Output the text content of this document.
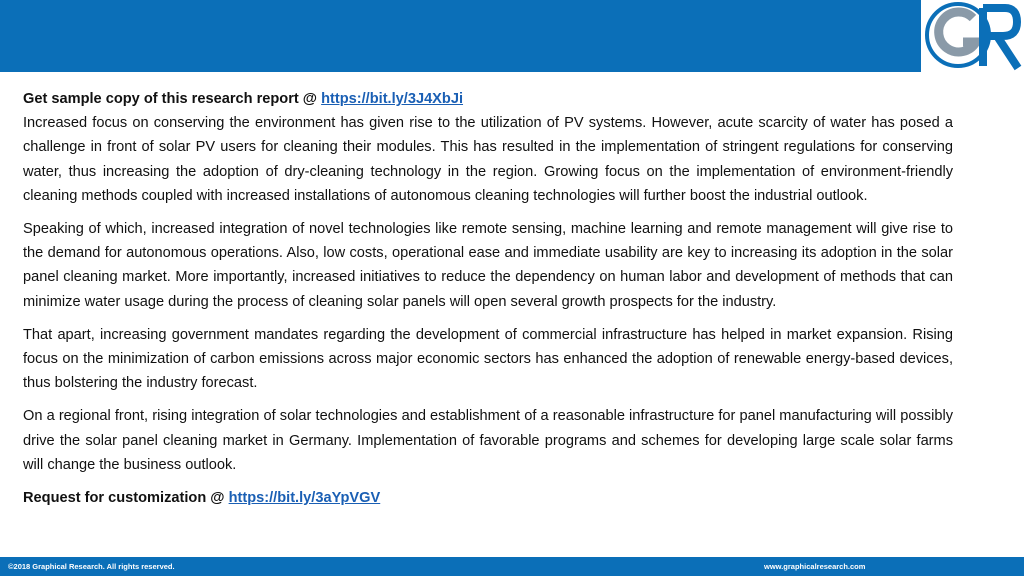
Get sample copy of this research report @ https://bit.ly/3J4XbJi

Increased focus on conserving the environment has given rise to the utilization of PV systems. However, acute scarcity of water has posed a challenge in front of solar PV users for cleaning their modules. This has resulted in the implementation of stringent regulations for conserving water, thus increasing the adoption of dry-cleaning technology in the region. Growing focus on the implementation of environment-friendly cleaning methods coupled with increased installations of autonomous cleaning technologies will further boost the industrial outlook.

Speaking of which, increased integration of novel technologies like remote sensing, machine learning and remote management will give rise to the demand for autonomous operations. Also, low costs, operational ease and immediate usability are key to increasing its adoption in the solar panel cleaning market. More importantly, increased initiatives to reduce the dependency on human labor and development of methods that can minimize water usage during the process of cleaning solar panels will open several growth prospects for the industry.

That apart, increasing government mandates regarding the development of commercial infrastructure has helped in market expansion. Rising focus on the minimization of carbon emissions across major economic sectors has enhanced the adoption of renewable energy-based devices, thus bolstering the industry forecast.

On a regional front, rising integration of solar technologies and establishment of a reasonable infrastructure for panel manufacturing will possibly drive the solar panel cleaning market in Germany. Implementation of favorable programs and schemes for developing large scale solar farms will change the business outlook.

Request for customization @ https://bit.ly/3aYpVGV
©2018 Graphical Research. All rights reserved.	www.graphicalresearch.com
